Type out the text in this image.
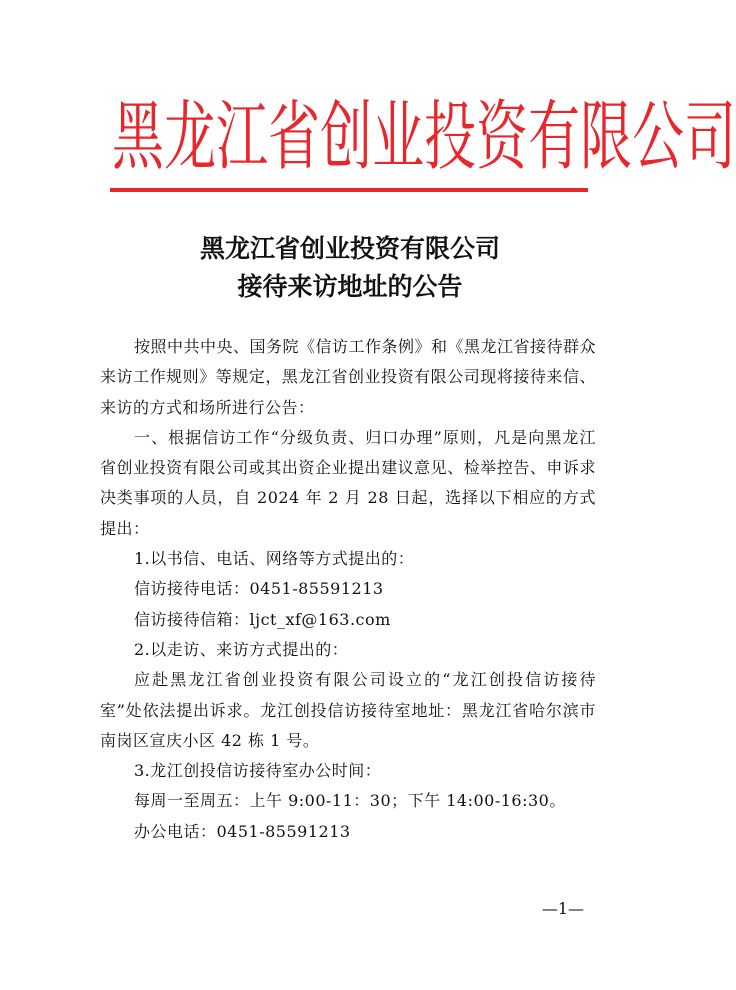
黑 龙 江 省 创 业 投 资 有 限 公 司
黑龙江省创业投资有限公司
接待来访地址的公告

按照中共中央、国务院《信访工作条例》和《黑龙江省接待群众来访工作规则》等规定，黑龙江省创业投资有限公司现将接待来信、来访的方式和场所进行公告：

一、根据信访工作“分级负责、归口办理”原则，凡是向黑龙江省创业投资有限公司或其出资企业提出建议意见、检举控告、申诉求决类事项的人员，自 2024 年 2 月 28 日起，选择以下相应的方式提出：

1.以书信、电话、网络等方式提出的：

信访接待电话：0451-85591213

信访接待信箱：ljct_xf@163.com

2.以走访、来访方式提出的：

应赴黑龙江省创业投资有限公司设立的“龙江创投信访接待室”处依法提出诉求。龙江创投信访接待室地址：黑龙江省哈尔滨市南岗区宣庆小区 42 栋 1 号。

3.龙江创投信访接待室办公时间：

每周一至周五：上午 9:00-11：30；下午 14:00-16:30。

办公电话：0451-85591213

—1—
